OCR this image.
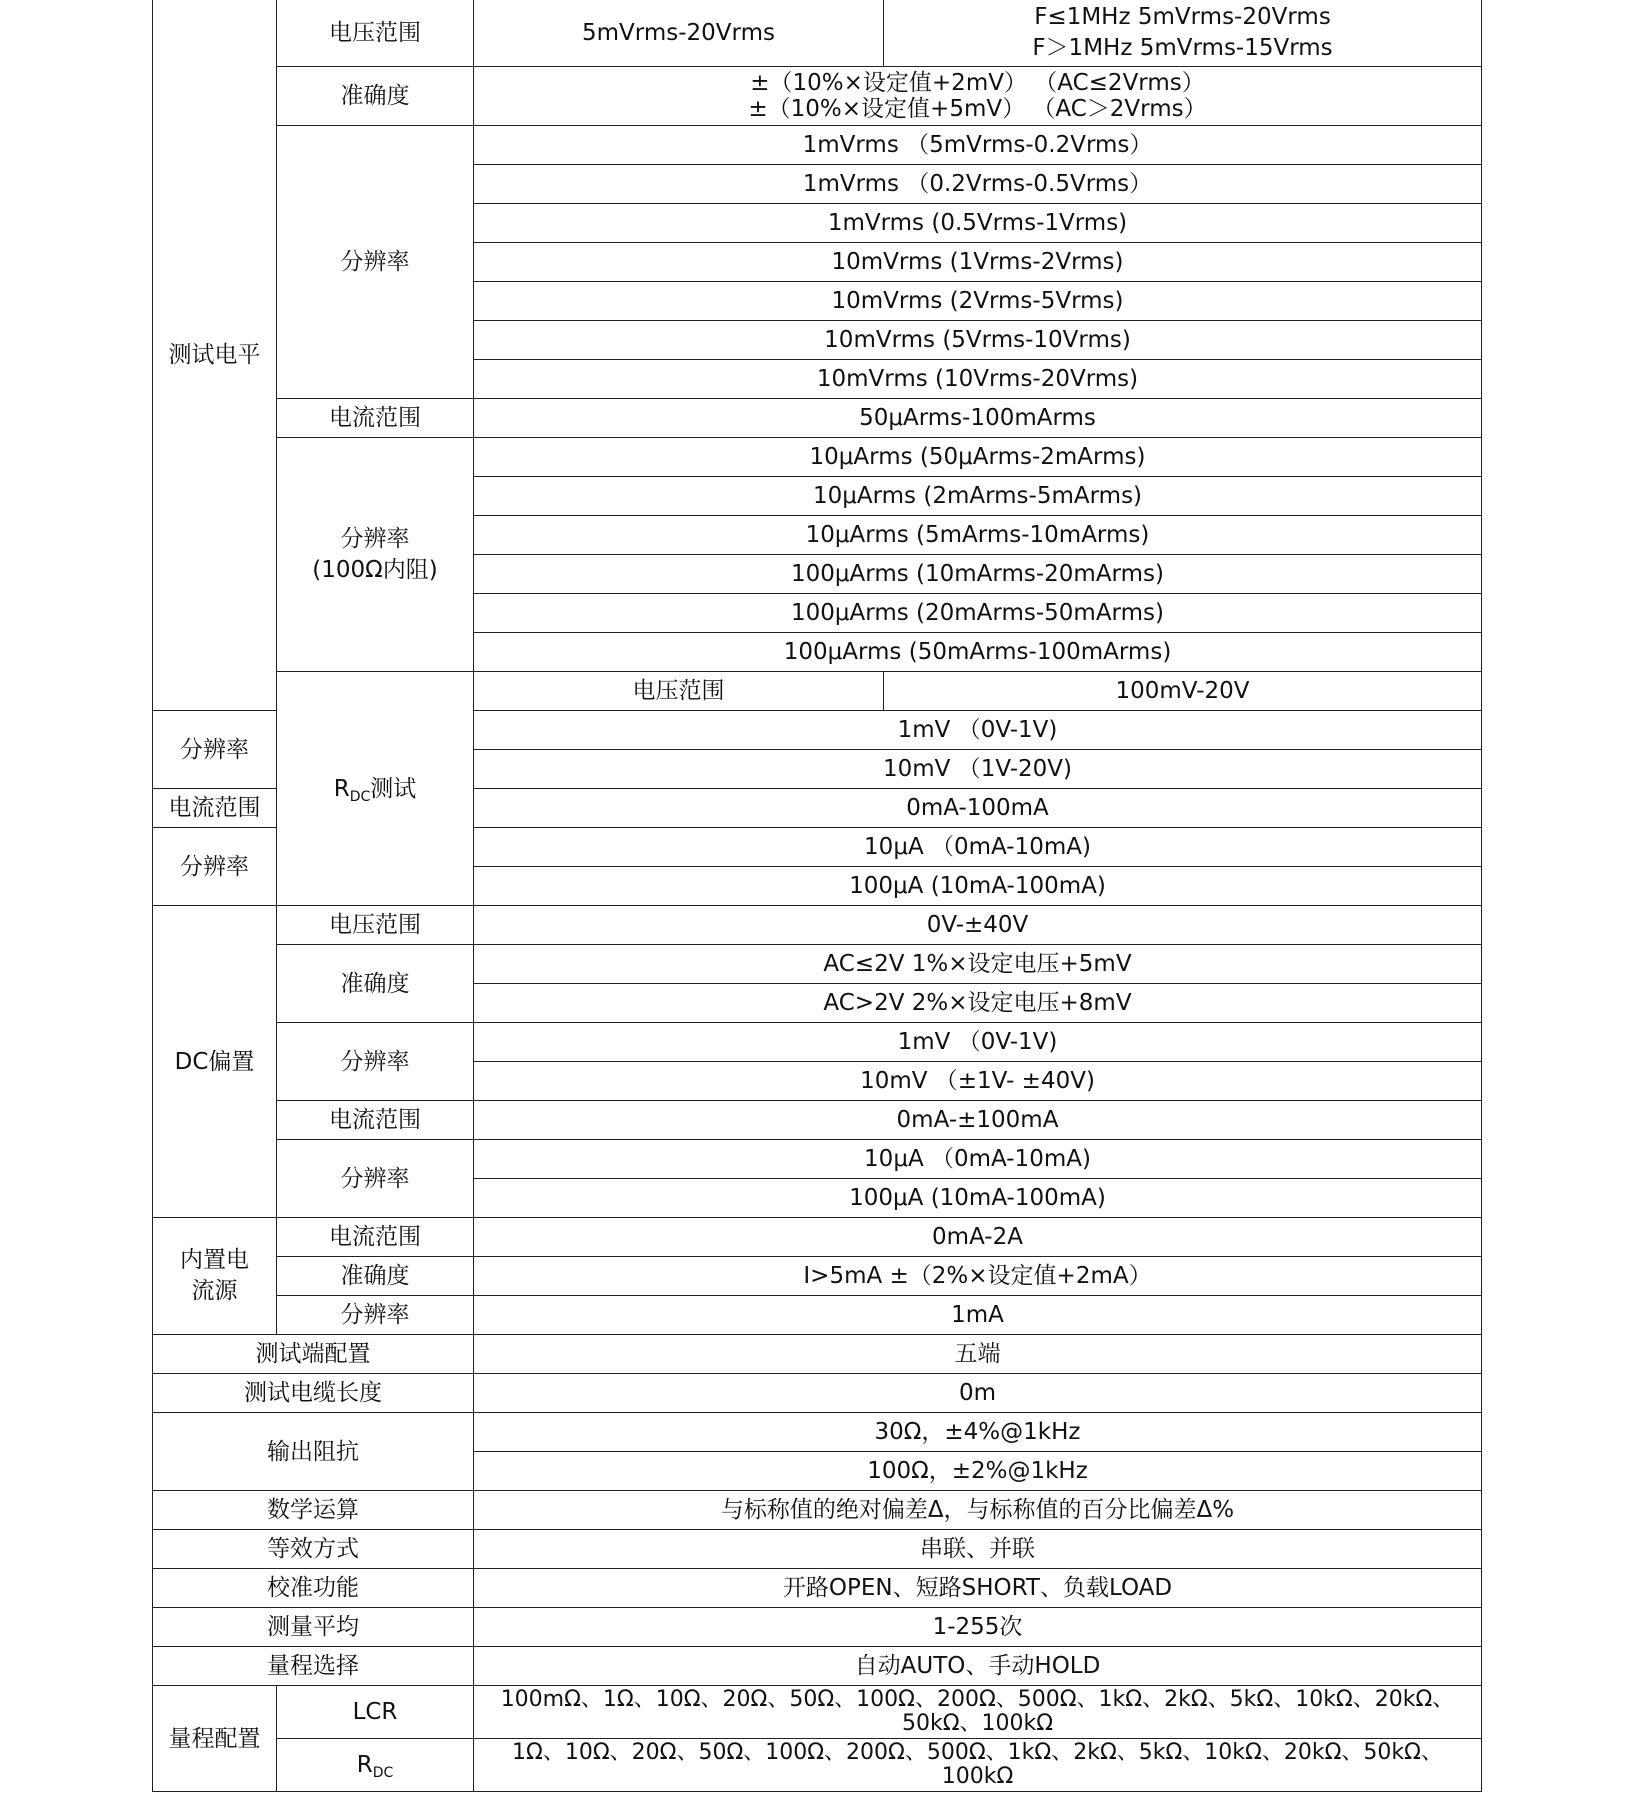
测试电平	电压范围	5mVrms-20Vrms	F≤1MHz 5mVrms-20Vrms
F＞1MHz 5mVrms-15Vrms

	准确度	±（10%×设定值+2mV） （AC≤2Vrms）
±（10%×设定值+5mV） （AC＞2Vrms）	

	分辨率	1mVrms （5mVrms-0.2Vrms）	
		1mVrms （0.2Vrms-0.5Vrms）	
		1mVrms (0.5Vrms-1Vrms)	
		10mVrms (1Vrms-2Vrms)	
		10mVrms (2Vrms-5Vrms)	
		10mVrms (5Vrms-10Vrms)	
		10mVrms (10Vrms-20Vrms)	
	电流范围	50μArms-100mArms	

	分辨率
(100Ω内阻)	10μArms (50μArms-2mArms)	
		10μArms (2mArms-5mArms)	
		10μArms (5mArms-10mArms)	
		100μArms (10mArms-20mArms)	
		100μArms (20mArms-50mArms)	
		100μArms (50mArms-100mArms)	
	$R_{DC}$测试	电压范围	100mV-20V
分辨率		1mV （0V-1V)	
		10mV （1V-20V)	
电流范围		0mA-100mA	
分辨率		10μA （0mA-10mA)	
		100μA (10mA-100mA)	
DC偏置	电压范围	0V-±40V	
	准确度	AC≤2V 1%×设定电压+5mV	
		AC>2V 2%×设定电压+8mV	
	分辨率	1mV （0V-1V)	
		10mV （±1V- ±40V)	
	电流范围	0mA-±100mA	
	分辨率	10μA （0mA-10mA)	
		100μA (10mA-100mA)	

内置电
流源	电流范围	0mA-2A	
	准确度	I>5mA ±（2%×设定值+2mA）	
	分辨率	1mA	
测试端配置		五端	
测试电缆长度		0m	
输出阻抗		30Ω，±4%@1kHz	
		100Ω，±2%@1kHz	
数学运算		与标称值的绝对偏差Δ，与标称值的百分比偏差Δ%	
等效方式		串联、并联	
校准功能		开路OPEN、短路SHORT、负载LOAD	
测量平均		1-255次	
量程选择		自动AUTO、手动HOLD	
量程配置	LCR	100mΩ、1Ω、10Ω、20Ω、50Ω、100Ω、200Ω、500Ω、1kΩ、2kΩ、5kΩ、10kΩ、20kΩ、50kΩ、100kΩ	
	$R_{DC}$	1Ω、10Ω、20Ω、50Ω、100Ω、200Ω、500Ω、1kΩ、2kΩ、5kΩ、10kΩ、20kΩ、50kΩ、100kΩ	
